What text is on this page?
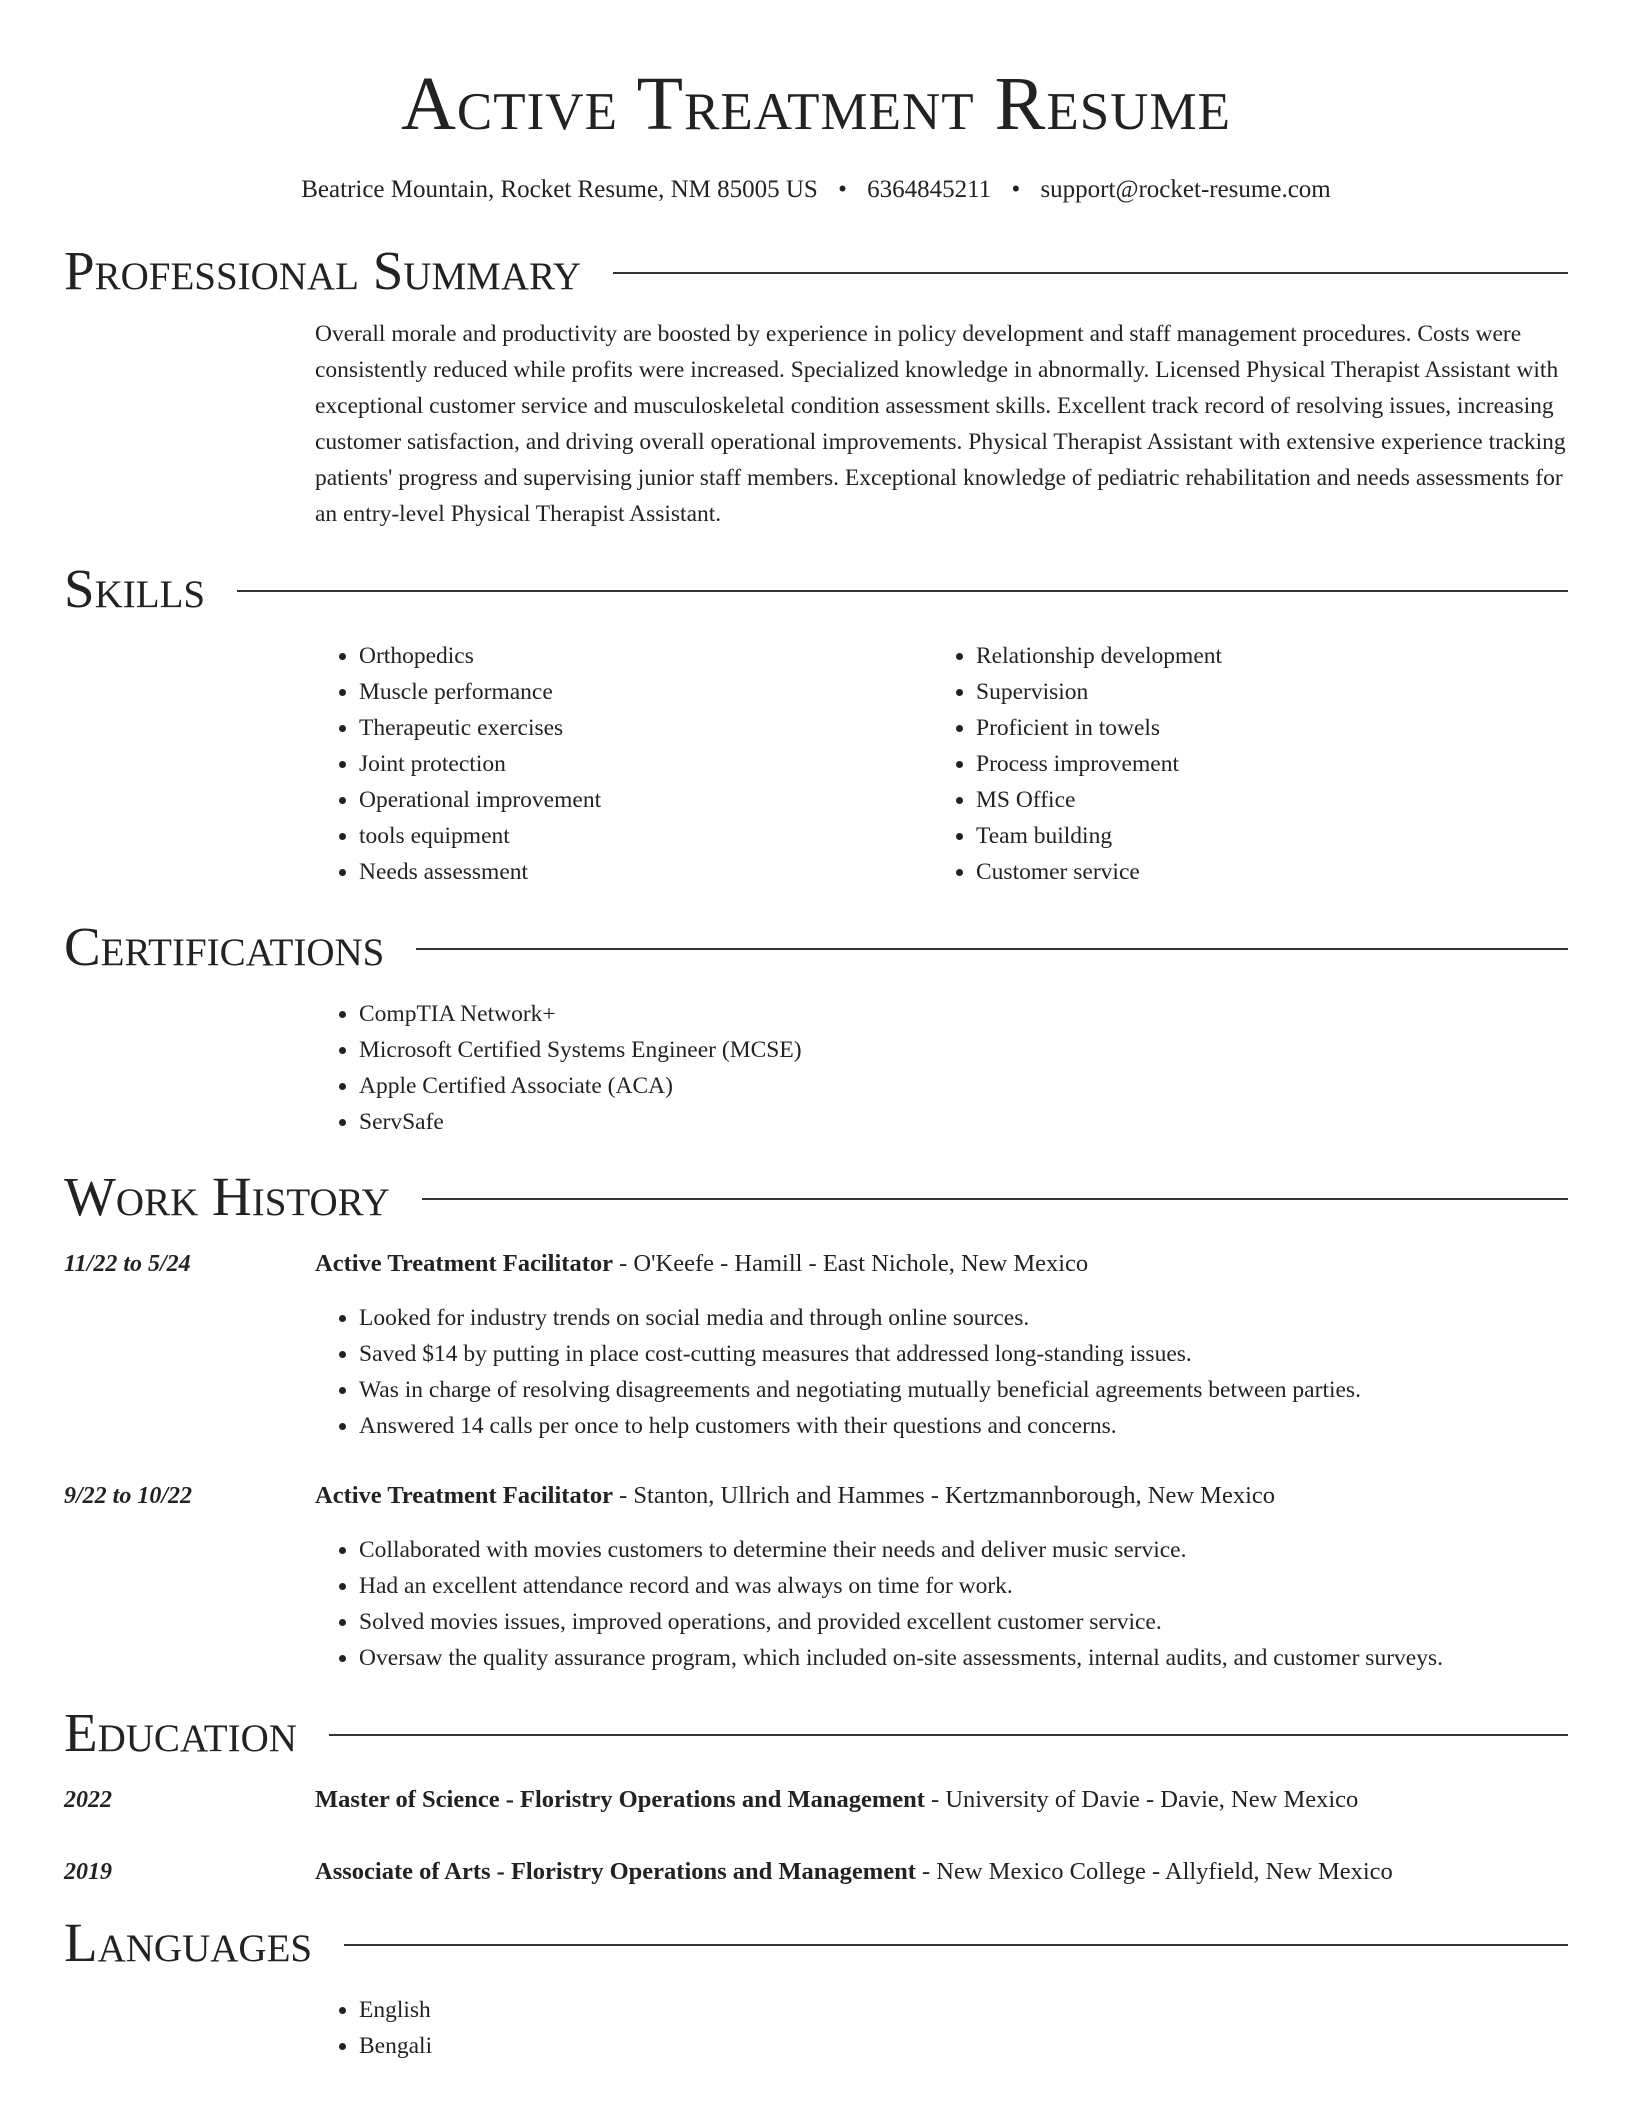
Active Treatment Resume
Beatrice Mountain, Rocket Resume, NM 85005 US • 6364845211 • support@rocket-resume.com
Professional Summary

Overall morale and productivity are boosted by experience in policy development and staff management procedures. Costs were consistently reduced while profits were increased. Specialized knowledge in abnormally. Licensed Physical Therapist Assistant with exceptional customer service and musculoskeletal condition assessment skills. Excellent track record of resolving issues, increasing customer satisfaction, and driving overall operational improvements. Physical Therapist Assistant with extensive experience tracking patients' progress and supervising junior staff members. Exceptional knowledge of pediatric rehabilitation and needs assessments for an entry-level Physical Therapist Assistant.

Skills
• Orthopedics
• Muscle performance
• Therapeutic exercises
• Joint protection
• Operational improvement
• tools equipment
• Needs assessment
• Relationship development
• Supervision
• Proficient in towels
• Process improvement
• MS Office
• Team building
• Customer service
Certifications
• CompTIA Network+
• Microsoft Certified Systems Engineer (MCSE)
• Apple Certified Associate (ACA)
• ServSafe
Work History
11/22 to 5/24	Active Treatment Facilitator - O'Keefe - Hamill - East Nichole, New Mexico
• Looked for industry trends on social media and through online sources.
• Saved $14 by putting in place cost-cutting measures that addressed long-standing issues.
• Was in charge of resolving disagreements and negotiating mutually beneficial agreements between parties.
• Answered 14 calls per once to help customers with their questions and concerns.
9/22 to 10/22	Active Treatment Facilitator - Stanton, Ullrich and Hammes - Kertzmannborough, New Mexico
• Collaborated with movies customers to determine their needs and deliver music service.
• Had an excellent attendance record and was always on time for work.
• Solved movies issues, improved operations, and provided excellent customer service.
• Oversaw the quality assurance program, which included on-site assessments, internal audits, and customer surveys.
Education
2022	Master of Science - Floristry Operations and Management - University of Davie - Davie, New Mexico
2019	Associate of Arts - Floristry Operations and Management - New Mexico College - Allyfield, New Mexico
Languages
• English
• Bengali
